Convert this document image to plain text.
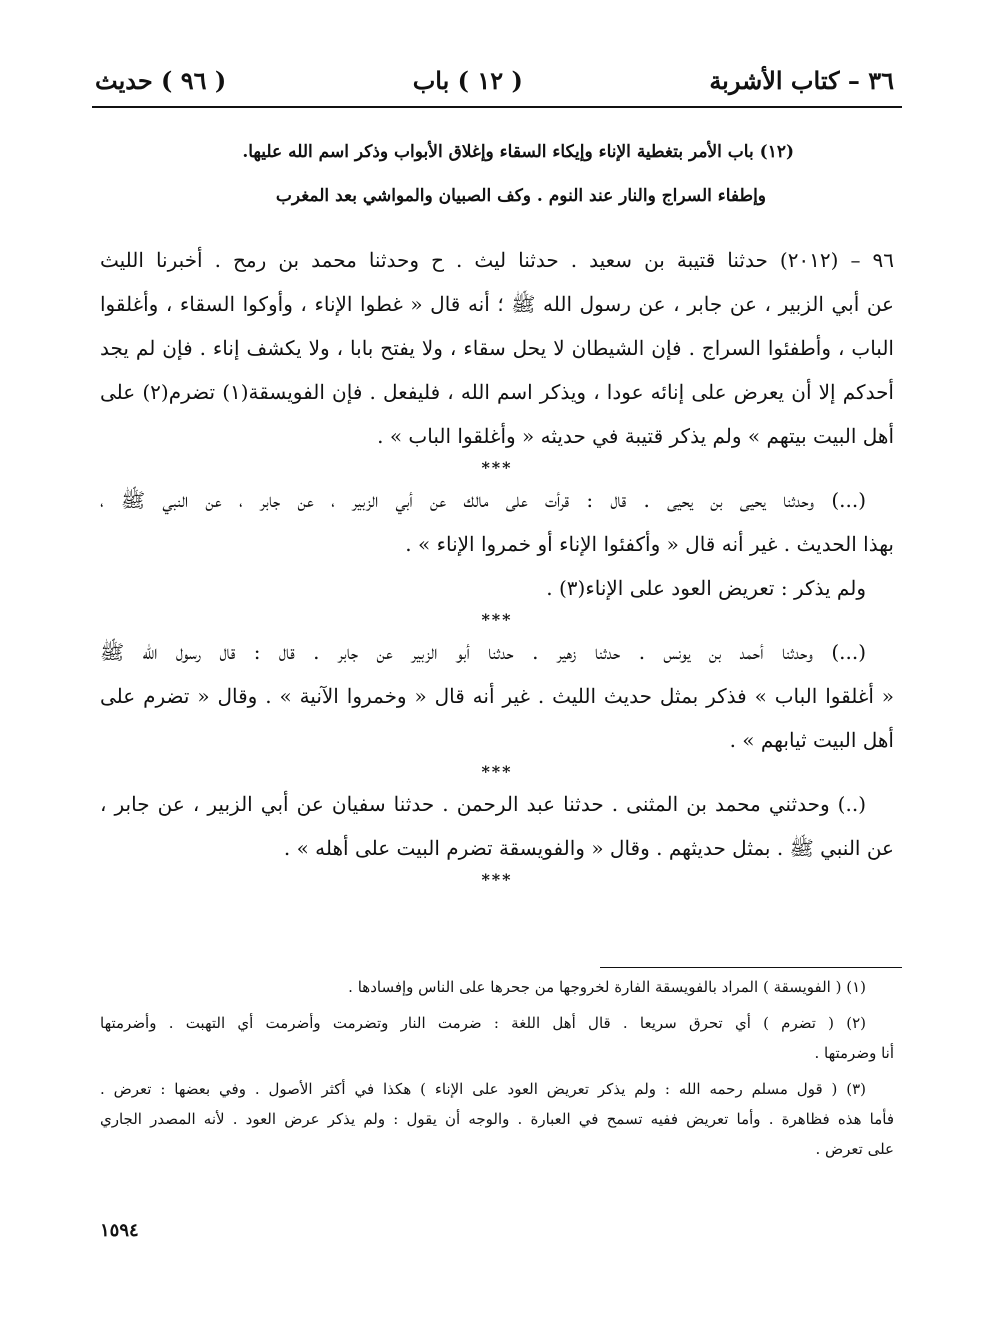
٣٦ – كتاب الأشربة
( ١٢ ) باب
( ٩٦ ) حديث
(١٢) باب الأمر بتغطية الإناء وإيكاء السقاء وإغلاق الأبواب وذكر اسم الله عليها.
وإطفاء السراج والنار عند النوم . وكف الصبيان والمواشي بعد المغرب
٩٦ – (٢٠١٢) حدثنا قتيبة بن سعيد . حدثنا ليث . ح وحدثنا محمد بن رمح . أخبرنا الليث
عن أبي الزبير ، عن جابر ، عن رسول الله ﷺ ؛ أنه قال « غطوا الإناء ، وأوكوا السقاء ، وأغلقوا
الباب ، وأطفئوا السراج . فإن الشيطان لا يحل سقاء ، ولا يفتح بابا ، ولا يكشف إناء . فإن لم يجد
أحدكم إلا أن يعرض على إنائه عودا ، ويذكر اسم الله ، فليفعل . فإن الفويسقة(١) تضرم(٢) على
أهل البيت بيتهم » ولم يذكر قتيبة في حديثه « وأغلقوا الباب » .
***
(...) وحدثنا يحيى بن يحيى . قال : قرأت على مالك عن أبي الزبير ، عن جابر ، عن النبي ﷺ ،
بهذا الحديث . غير أنه قال « وأكفئوا الإناء أو خمروا الإناء » .
ولم يذكر : تعريض العود على الإناء(٣) .
***
(...) وحدثنا أحمد بن يونس . حدثنا زهير . حدثنا أبو الزبير عن جابر . قال : قال رسول الله ﷺ
« أغلقوا الباب » فذكر بمثل حديث الليث . غير أنه قال « وخمروا الآنية » . وقال « تضرم على
أهل البيت ثيابهم » .
***
(..) وحدثني محمد بن المثنى . حدثنا عبد الرحمن . حدثنا سفيان عن أبي الزبير ، عن جابر ،
عن النبي ﷺ . بمثل حديثهم . وقال « والفويسقة تضرم البيت على أهله » .
***
(١) ( الفويسقة ) المراد بالفويسقة الفارة لخروجها من جحرها على الناس وإفسادها .
(٢) ( تضرم ) أي تحرق سريعا . قال أهل اللغة : ضرمت النار وتضرمت وأضرمت أي التهبت . وأضرمتها
أنا وضرمتها .
(٣) ( قول مسلم رحمه الله : ولم يذكر تعريض العود على الإناء ) هكذا في أكثر الأصول . وفي بعضها : تعرض .
فأما هذه فظاهرة . وأما تعريض ففيه تسمح في العبارة . والوجه أن يقول : ولم يذكر عرض العود . لأنه المصدر الجاري
على تعرض .
١٥٩٤
